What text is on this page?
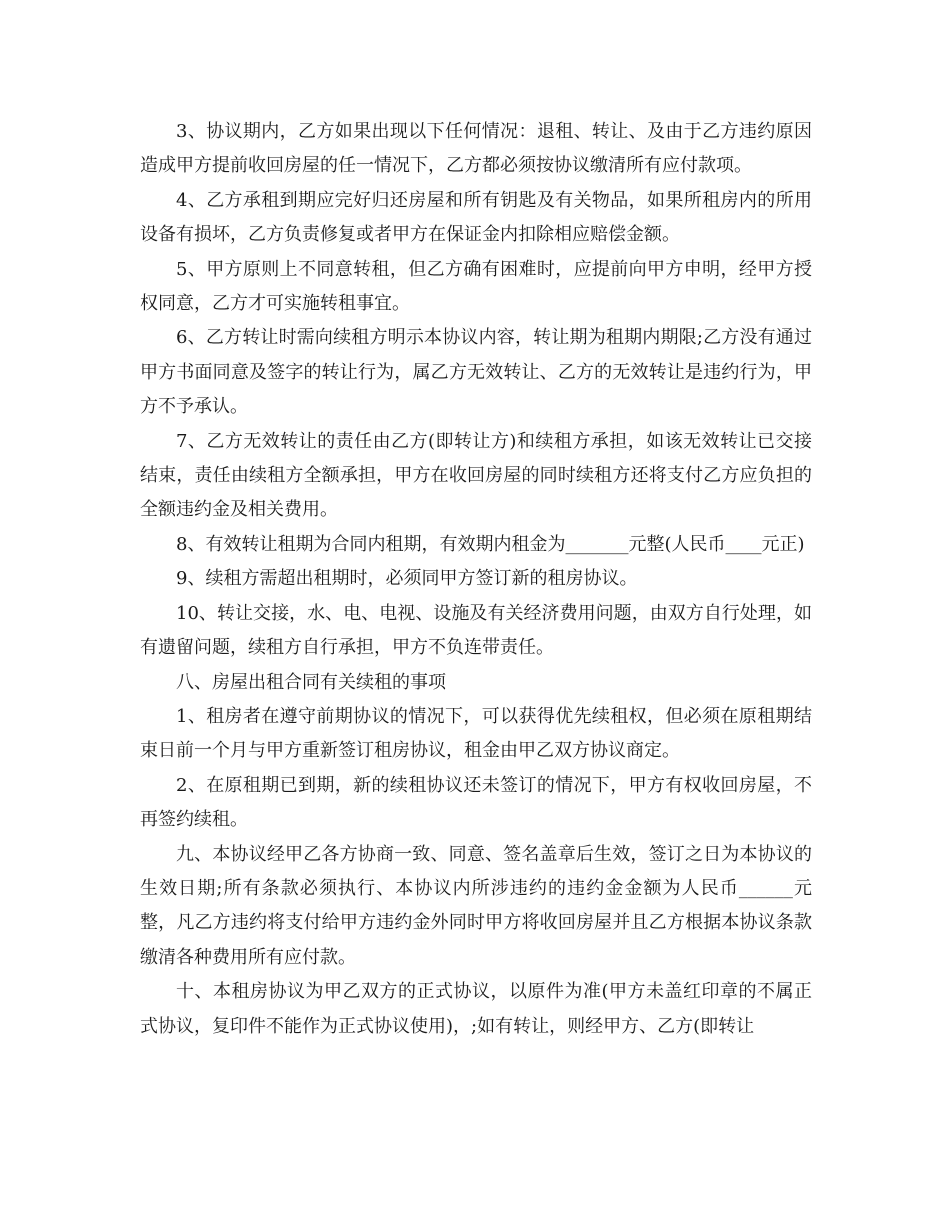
3、协议期内，乙方如果出现以下任何情况：退租、转让、及由于乙方违约原因造成甲方提前收回房屋的任一情况下，乙方都必须按协议缴清所有应付款项。

4、乙方承租到期应完好归还房屋和所有钥匙及有关物品，如果所租房内的所用设备有损坏，乙方负责修复或者甲方在保证金内扣除相应赔偿金额。

5、甲方原则上不同意转租，但乙方确有困难时，应提前向甲方申明，经甲方授权同意，乙方才可实施转租事宜。

6、乙方转让时需向续租方明示本协议内容，转让期为租期内期限;乙方没有通过甲方书面同意及签字的转让行为，属乙方无效转让、乙方的无效转让是违约行为，甲方不予承认。

7、乙方无效转让的责任由乙方(即转让方)和续租方承担，如该无效转让已交接结束，责任由续租方全额承担，甲方在收回房屋的同时续租方还将支付乙方应负担的全额违约金及相关费用。

8、有效转让租期为合同内租期，有效期内租金为_______元整(人民币____元正)

9、续租方需超出租期时，必须同甲方签订新的租房协议。

10、转让交接，水、电、电视、设施及有关经济费用问题，由双方自行处理，如有遗留问题，续租方自行承担，甲方不负连带责任。

八、房屋出租合同有关续租的事项

1、租房者在遵守前期协议的情况下，可以获得优先续租权，但必须在原租期结束日前一个月与甲方重新签订租房协议，租金由甲乙双方协议商定。

2、在原租期已到期，新的续租协议还未签订的情况下，甲方有权收回房屋，不再签约续租。

九、本协议经甲乙各方协商一致、同意、签名盖章后生效，签订之日为本协议的生效日期;所有条款必须执行、本协议内所涉违约的违约金金额为人民币______元整，凡乙方违约将支付给甲方违约金外同时甲方将收回房屋并且乙方根据本协议条款缴清各种费用所有应付款。

十、本租房协议为甲乙双方的正式协议，以原件为准(甲方未盖红印章的不属正式协议，复印件不能作为正式协议使用)，;如有转让，则经甲方、乙方(即转让
